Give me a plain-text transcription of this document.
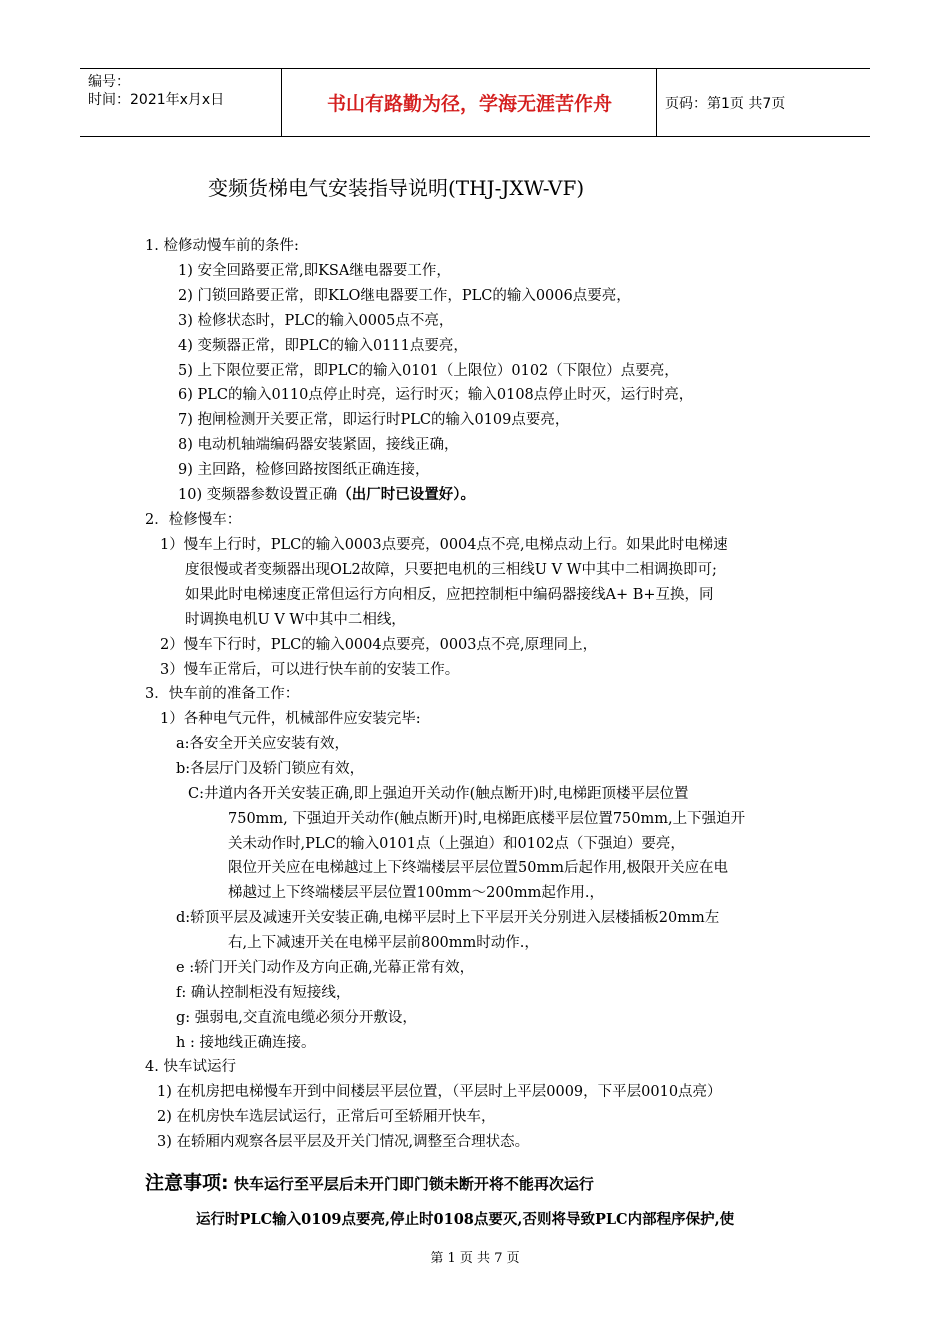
编号：
时间：2021年x月x日	书山有路勤为径，学海无涯苦作舟	页码：第1页 共7页
变频货梯电气安装指导说明(THJ-JXW-VF)
1. 检修动慢车前的条件:
1) 安全回路要正常,即KSA继电器要工作，
2) 门锁回路要正常，即KLO继电器要工作，PLC的输入0006点要亮，
3) 检修状态时，PLC的输入0005点不亮，
4) 变频器正常，即PLC的输入0111点要亮，
5) 上下限位要正常，即PLC的输入0101（上限位）0102（下限位）点要亮，
6) PLC的输入0110点停止时亮，运行时灭；输入0108点停止时灭，运行时亮，
7) 抱闸检测开关要正常，即运行时PLC的输入0109点要亮，
8) 电动机轴端编码器安装紧固，接线正确，
9) 主回路，检修回路按图纸正确连接，
10) 变频器参数设置正确（出厂时已设置好）。
2．检修慢车：
1）慢车上行时，PLC的输入0003点要亮，0004点不亮,电梯点动上行。如果此时电梯速
度很慢或者变频器出现OL2故障，只要把电机的三相线U V W中其中二相调换即可;
如果此时电梯速度正常但运行方向相反，应把控制柜中编码器接线A+ B+互换，同
时调换电机U V W中其中二相线，
2）慢车下行时，PLC的输入0004点要亮，0003点不亮,原理同上，
3）慢车正常后，可以进行快车前的安装工作。
3．快车前的准备工作：
1）各种电气元件，机械部件应安装完毕:
a:各安全开关应安装有效，
b:各层厅门及轿门锁应有效，
C:井道内各开关安装正确,即上强迫开关动作(触点断开)时,电梯距顶楼平层位置
750mm, 下强迫开关动作(触点断开)时,电梯距底楼平层位置750mm,上下强迫开
关未动作时,PLC的输入0101点（上强迫）和0102点（下强迫）要亮，
限位开关应在电梯越过上下终端楼层平层位置50mm后起作用,极限开关应在电
梯越过上下终端楼层平层位置100mm～200mm起作用.，
d:轿顶平层及减速开关安装正确,电梯平层时上下平层开关分别进入层楼插板20mm左
右,上下减速开关在电梯平层前800mm时动作.，
e :轿门开关门动作及方向正确,光幕正常有效，
f: 确认控制柜没有短接线，
g: 强弱电,交直流电缆必须分开敷设，
h : 接地线正确连接。
4. 快车试运行
1) 在机房把电梯慢车开到中间楼层平层位置，（平层时上平层0009，下平层0010点亮）
2) 在机房快车选层试运行，正常后可至轿厢开快车，
3) 在轿厢内观察各层平层及开关门情况,调整至合理状态。
注意事项: 快车运行至平层后未开门即门锁未断开将不能再次运行
运行时PLC输入0109点要亮,停止时0108点要灭,否则将导致PLC内部程序保护,使
第 1 页 共 7 页
